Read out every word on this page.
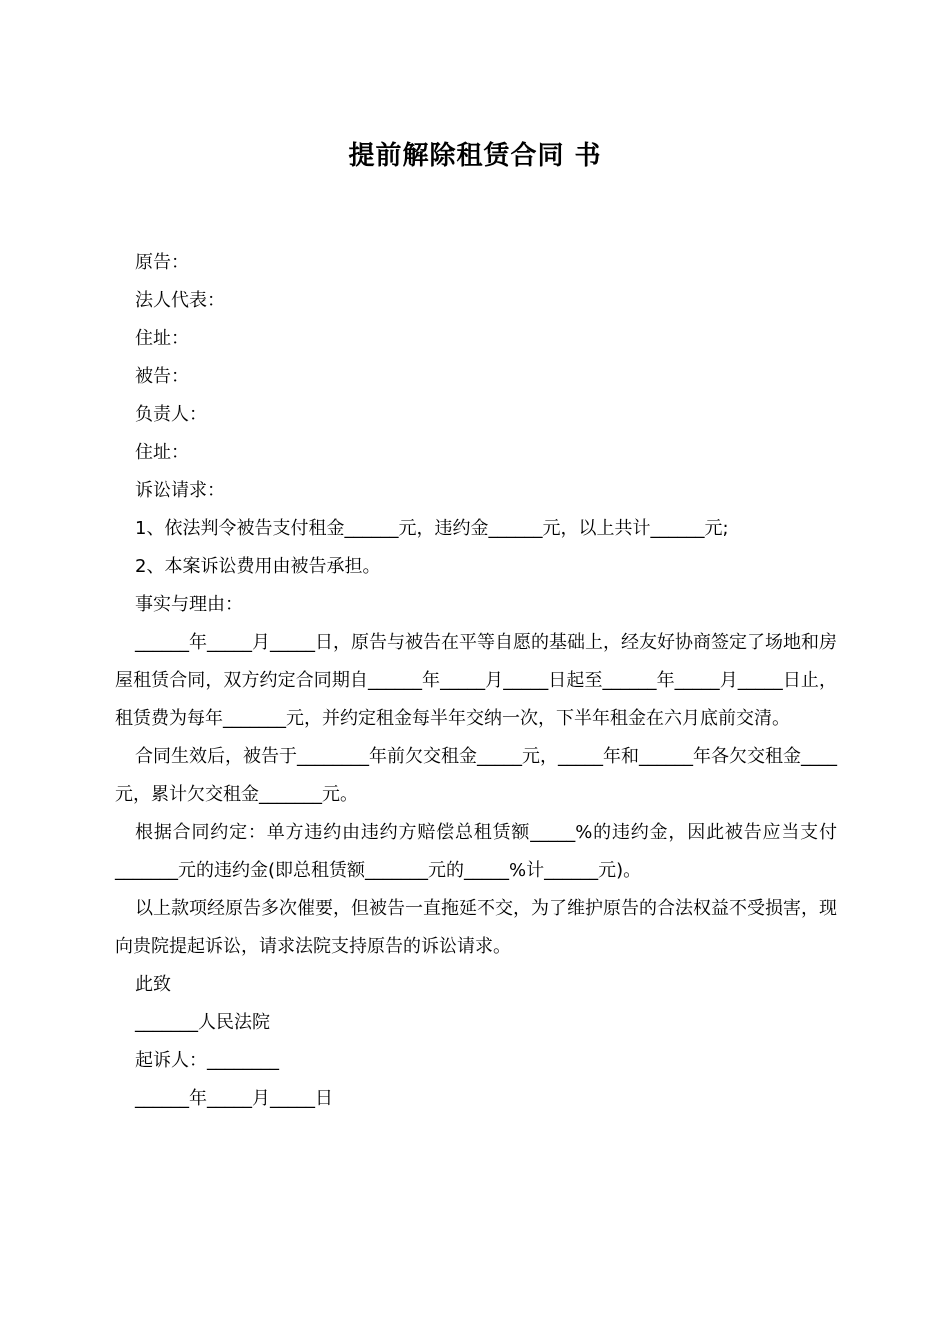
提前解除租赁合同 书

原告：

法人代表：

住址：

被告：

负责人：

住址：

诉讼请求：

1、依法判令被告支付租金______元，违约金______元，以上共计______元;

2、本案诉讼费用由被告承担。

事实与理由：

______年_____月_____日，原告与被告在平等自愿的基础上，经友好协商签定了场地和房屋租赁合同，双方约定合同期自______年_____月_____日起至______年_____月_____日止，租赁费为每年_______元，并约定租金每半年交纳一次，下半年租金在六月底前交清。

合同生效后，被告于________年前欠交租金_____元，_____年和______年各欠交租金____元，累计欠交租金_______元。

根据合同约定：单方违约由违约方赔偿总租赁额_____%的违约金，因此被告应当支付_______元的违约金(即总租赁额_______元的_____%计______元)。

以上款项经原告多次催要，但被告一直拖延不交，为了维护原告的合法权益不受损害，现向贵院提起诉讼，请求法院支持原告的诉讼请求。

此致

_______人民法院

起诉人：________

______年_____月_____日
